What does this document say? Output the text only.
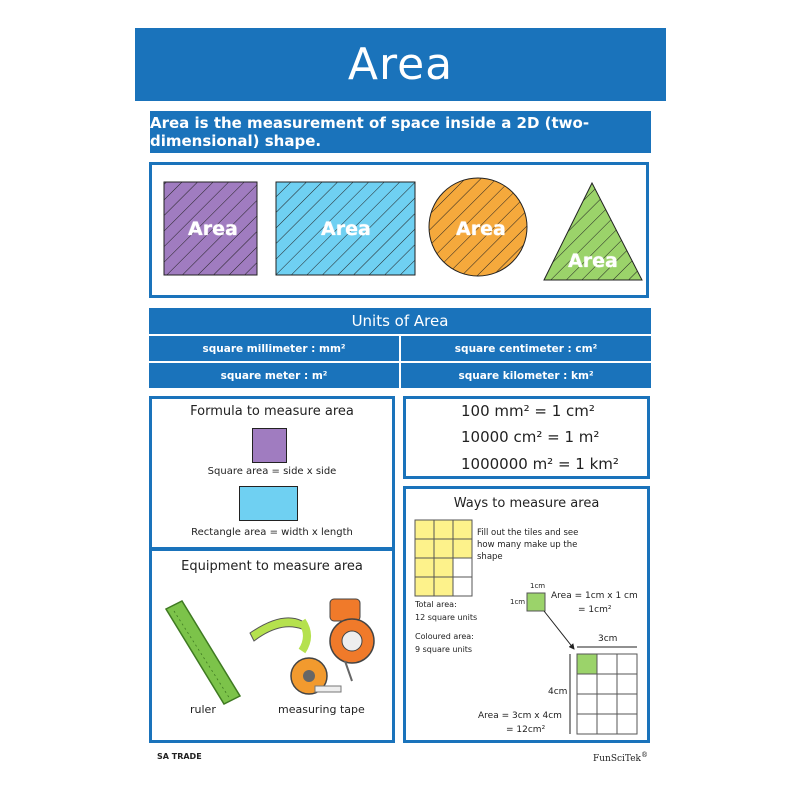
Area
Area is the measurement of space inside a 2D (two-dimensional) shape.
Area	Area	Area
Area
Units of Area
square millimeter : mm²	square centimeter : cm²
square meter : m²	square kilometer : km²
Formula to measure area
Square area = side x side
Rectangle area = width x length
100 mm² = 1 cm²
10000 cm² = 1 m²
1000000 m² = 1 km²
Equipment to measure area
ruler	measuring tape
Ways to measure area
Fill out the tiles and see how many make up the shape
Total area:
12 square units
Coloured area:
9 square units
1cm
1cm
Area = 1cm x 1 cm
= 1cm²
3cm
4cm
Area = 3cm x 4cm
= 12cm²
SA TRADE	FunSciTek®
